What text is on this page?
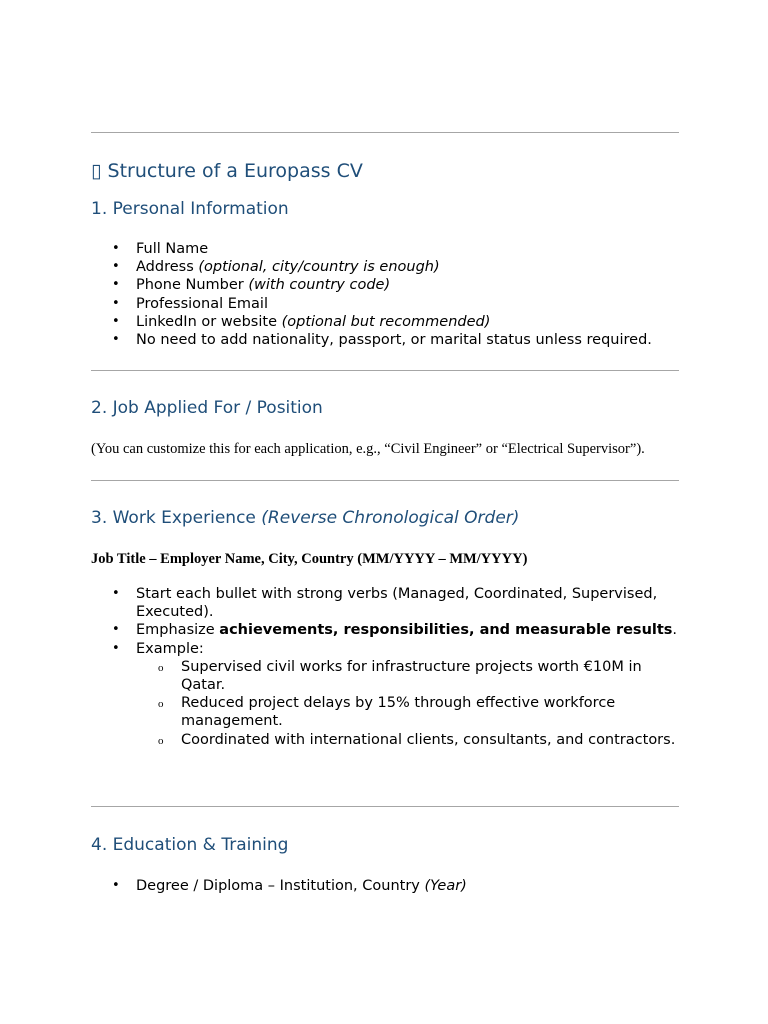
▯ Structure of a Europass CV
1. Personal Information
• Full Name
• Address (optional, city/country is enough)
• Phone Number (with country code)
• Professional Email
• LinkedIn or website (optional but recommended)
• No need to add nationality, passport, or marital status unless required.
2. Job Applied For / Position
(You can customize this for each application, e.g., “Civil Engineer” or “Electrical Supervisor”).
3. Work Experience (Reverse Chronological Order)
Job Title – Employer Name, City, Country (MM/YYYY – MM/YYYY)
• Start each bullet with strong verbs (Managed, Coordinated, Supervised, Executed).
• Emphasize achievements, responsibilities, and measurable results.
• Example:
o Supervised civil works for infrastructure projects worth €10M in Qatar.
o Reduced project delays by 15% through effective workforce management.
o Coordinated with international clients, consultants, and contractors.
4. Education & Training
• Degree / Diploma – Institution, Country (Year)
